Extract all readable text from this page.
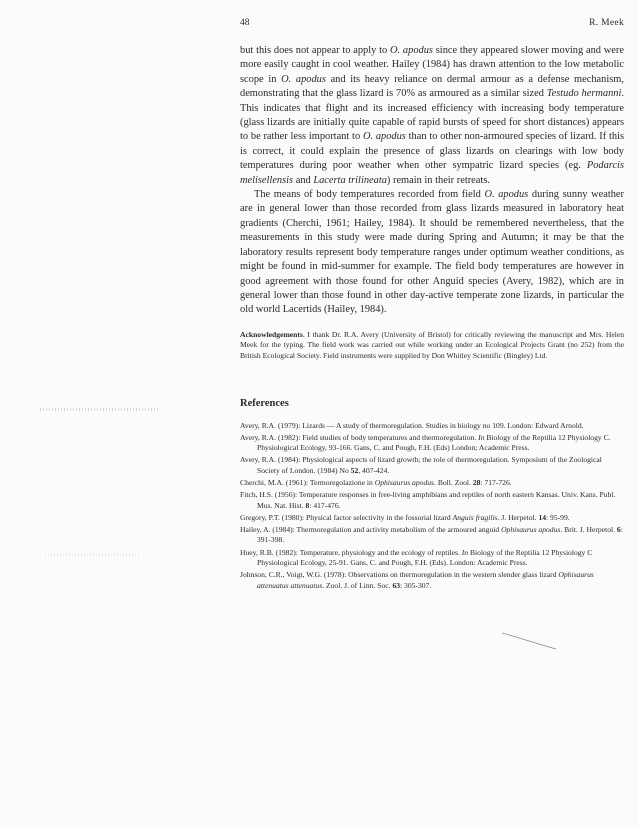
48	R. Meek

but this does not appear to apply to O. apodus since they appeared slower moving and were more easily caught in cool weather. Hailey (1984) has drawn attention to the low metabolic scope in O. apodus and its heavy reliance on dermal armour as a defense mechanism, demonstrating that the glass lizard is 70% as armoured as a similar sized Testudo hermanni. This indicates that flight and its increased efficiency with increasing body temperature (glass lizards are initially quite capable of rapid bursts of speed for short distances) appears to be rather less important to O. apodus than to other non-armoured species of lizard. If this is correct, it could explain the presence of glass lizards on clearings with low body temperatures during poor weather when other sympatric lizard species (eg. Podarcis melisellensis and Lacerta trilineata) remain in their retreats.

The means of body temperatures recorded from field O. apodus during sunny weather are in general lower than those recorded from glass lizards measured in laboratory heat gradients (Cherchi, 1961; Hailey, 1984). It should be remembered nevertheless, that the measurements in this study were made during Spring and Autumn; it may be that the laboratory results represent body temperature ranges under optimum weather conditions, as might be found in mid-summer for example. The field body temperatures are however in good agreement with those found for other Anguid species (Avery, 1982), which are in general lower than those found in other day-active temperate zone lizards, in particular the old world Lacertids (Hailey, 1984).

Acknowledgements. I thank Dr. R.A. Avery (University of Bristol) for critically reviewing the manuscript and Mrs. Helen Meek for the typing. The field work was carried out while working under an Ecological Projects Grant (no 252) from the British Ecological Society. Field instruments were supplied by Don Whitley Scientific (Bingley) Ltd.

References
Avery, R.A. (1979): Lizards — A study of thermoregulation. Studies in biology no 109. London: Edward Arnold.
Avery, R.A. (1982): Field studies of body temperatures and thermoregulation. In Biology of the Reptilia 12 Physiology C. Physiological Ecology, 93-166. Gans, C. and Pough, F.H. (Eds) London; Academic Press.
Avery, R.A. (1984): Physiological aspects of lizard growth; the role of thermoregulation. Symposium of the Zoological Society of London. (1984) No 52, 407-424.
Cherchi, M.A. (1961): Termoregolazione in Ophisaurus apodus. Boll. Zool. 28: 717-726.
Fitch, H.S. (1956): Temperature responses in free-living amphibians and reptiles of north eastern Kansas. Univ. Kans. Publ. Mus. Nat. Hist. 8: 417-476.
Gregory, P.T. (1980): Physical factor selectivity in the fossorial lizard Anguis fragilis. J. Herpetol. 14: 95-99.
Hailey, A. (1984): Thermoregulation and activity metabolism of the armoured anguid Ophisaurus apodus. Brit. J. Herpetol. 6: 391-398.
Huey, R.B. (1982): Temperature, physiology and the ecology of reptiles. In Biology of the Reptilia 12 Physiology C Physiological Ecology, 25-91. Gans, C. and Pough, F.H. (Eds). London: Academic Press.
Johnson, C.R., Voigt, W.G. (1978): Observations on thermoregulation in the western slender glass lizard Ophisaurus attenuatus attenuatus. Zool. J. of Linn. Soc. 63: 305-307.
